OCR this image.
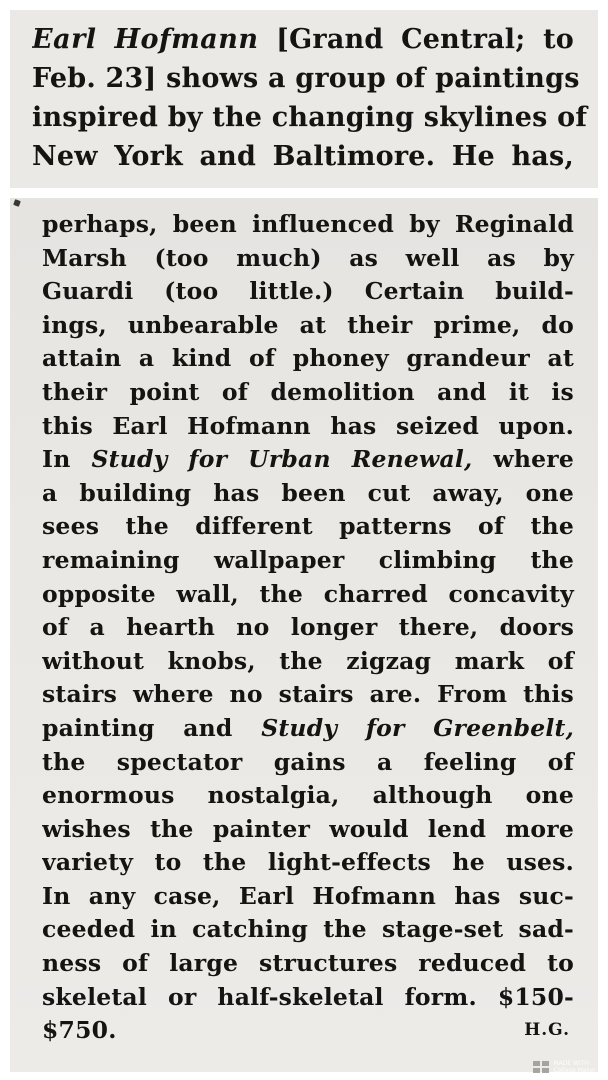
Earl Hofmann [Grand Central; to
Feb. 23] shows a group of paintings
inspired by the changing skylines of
New York and Baltimore. He has,
perhaps, been influenced by Reginald
Marsh (too much) as well as by
Guardi (too little.) Certain build-
ings, unbearable at their prime, do
attain a kind of phoney grandeur at
their point of demolition and it is
this Earl Hofmann has seized upon.
In Study for Urban Renewal, where
a building has been cut away, one
sees the different patterns of the
remaining wallpaper climbing the
opposite wall, the charred concavity
of a hearth no longer there, doors
without knobs, the zigzag mark of
stairs where no stairs are. From this
painting and Study for Greenbelt,
the spectator gains a feeling of
enormous nostalgia, although one
wishes the painter would lend more
variety to the light-effects he uses.
In any case, Earl Hofmann has suc-
ceeded in catching the stage-set sad-
ness of large structures reduced to
skeletal or half-skeletal form. $150-
$750.	H.G.
MADE WITH
Collage Maker
